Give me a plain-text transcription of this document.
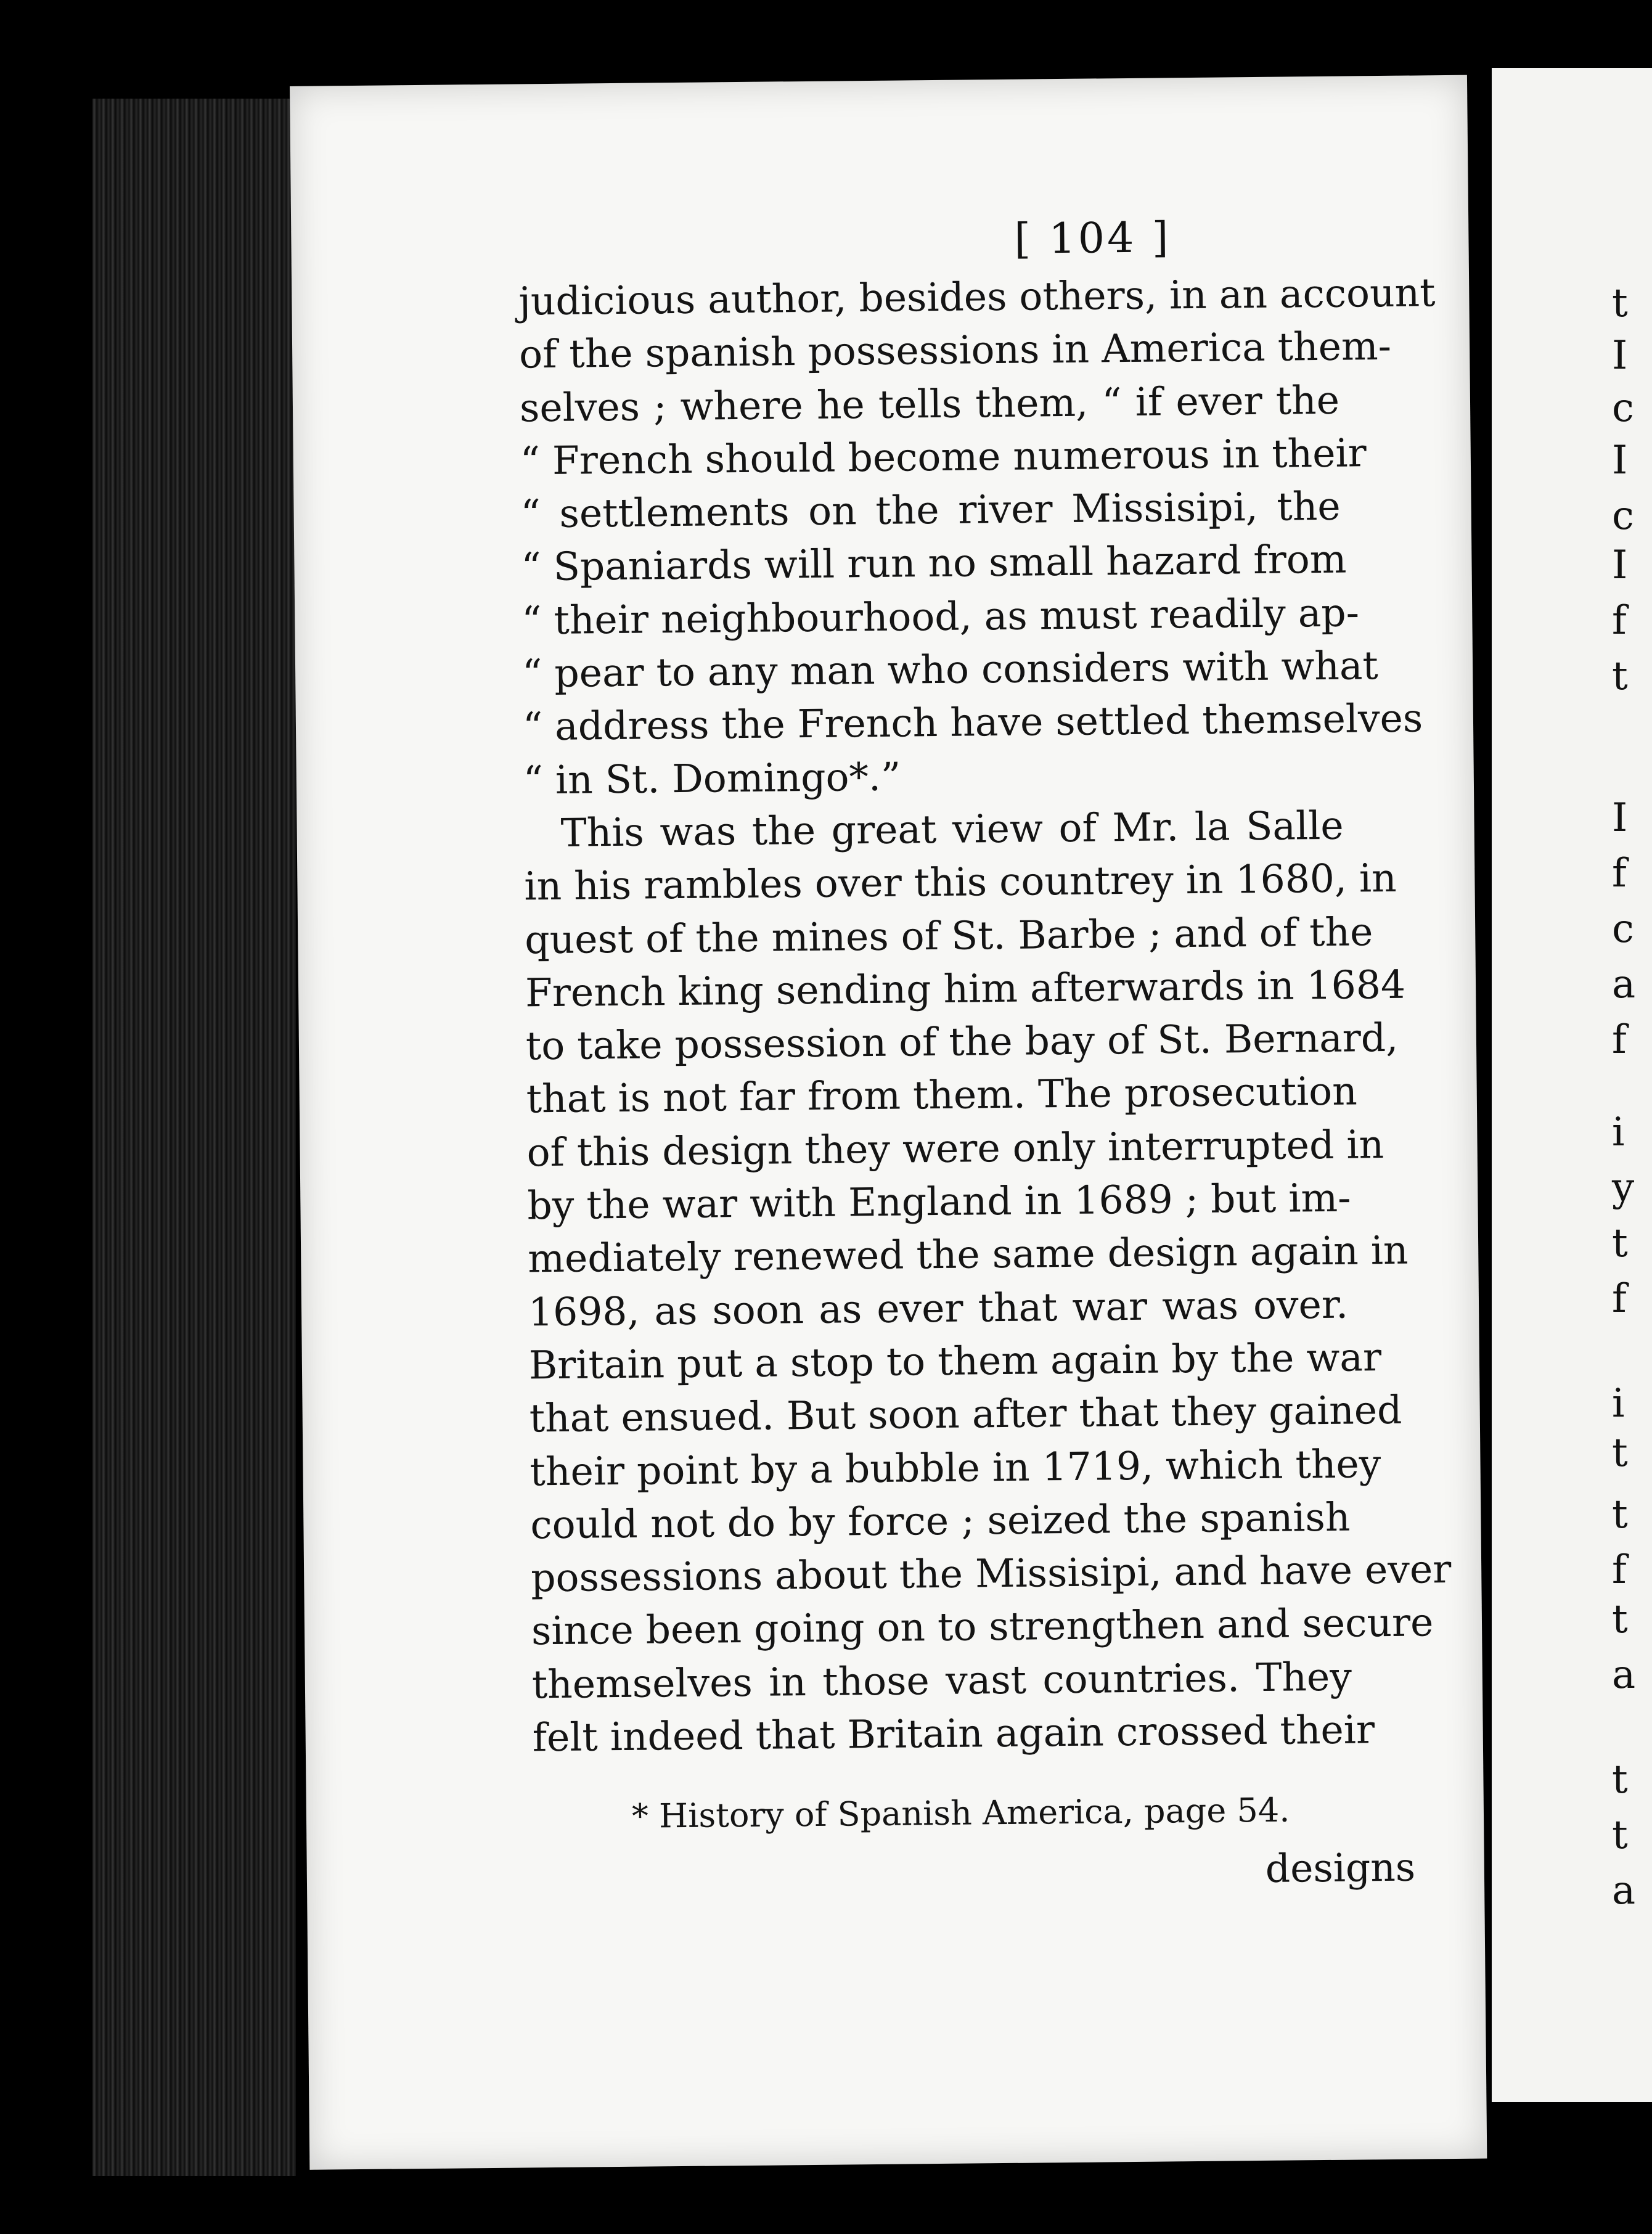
t
I
c
I
c
I
f
t
I
f
c
a
f
i
y
t
f
i
t
t
f
t
a
t
t
a
[ 104 ]

judicious author, besides others, in an account

of the spanish possessions in America them-

selves ; where he tells them, “ if ever the

“ French should become numerous in their

“ settlements on the river Missisipi, the

“ Spaniards will run no small hazard from

“ their neighbourhood, as must readily ap-

“ pear to any man who considers with what

“ address the French have settled themselves

“ in St. Domingo*.”

This was the great view of Mr. la Salle

in his rambles over this countrey in 1680, in

quest of the mines of St. Barbe ; and of the

French king sending him afterwards in 1684

to take possession of the bay of St. Bernard,

that is not far from them. The prosecution

of this design they were only interrupted in

by the war with England in 1689 ; but im-

mediately renewed the same design again in

1698, as soon as ever that war was over.

Britain put a stop to them again by the war

that ensued. But soon after that they gained

their point by a bubble in 1719, which they

could not do by force ; seized the spanish

possessions about the Missisipi, and have ever

since been going on to strengthen and secure

themselves in those vast countries. They

felt indeed that Britain again crossed their

* History of Spanish America, page 54.
designs
